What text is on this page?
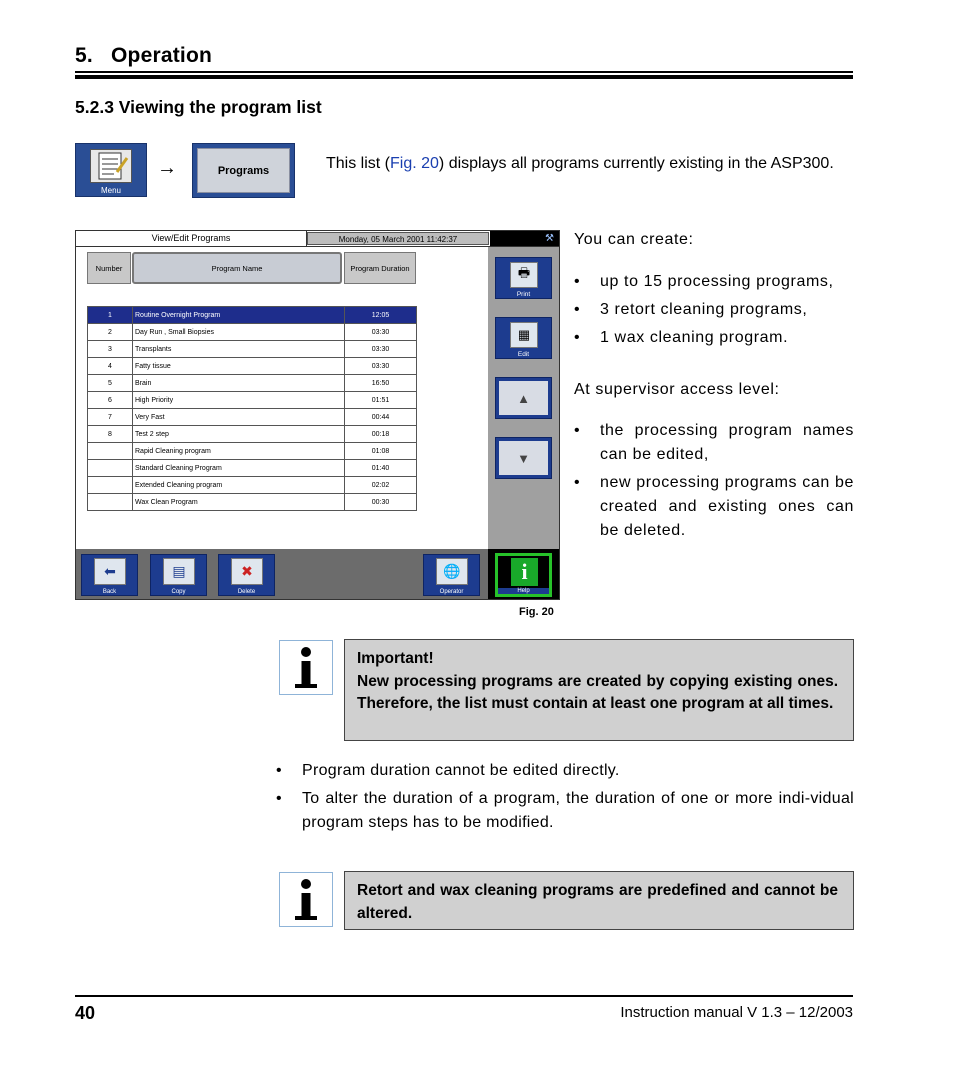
5.   Operation
5.2.3 Viewing the program list
Menu
→	Programs	This list (Fig. 20) displays all programs currently existing in the ASP300.
You can create:
• up to 15 processing programs,
• 3 retort cleaning programs,
• 1 wax cleaning program.
At supervisor access level:
• the processing program names can be edited,
• new processing programs can be created and existing ones can be deleted.
View/Edit Programs	Monday, 05 March 2001 11:42:37	⚒
Number	Program Name	Program Duration
1	Routine Overnight Program	12:05
2	Day Run , Small Biopsies	03:30
3	Transplants	03:30
4	Fatty tissue	03:30
5	Brain	16:50
6	High Priority	01:51
7	Very Fast	00:44
8	Test 2 step	00:18
	Rapid Cleaning program	01:08
	Standard Cleaning Program	01:40
	Extended Cleaning program	02:02
	Wax Clean Program	00:30
🖶
Print
▦
Edit
▲
▼
⬅
Back
▤
Copy
✖
Delete
🌐
Operator
i
Help
Fig. 20
Important!
New processing programs are created by copying existing ones. Therefore, the list must contain at least one program at all times.
• Program duration cannot be edited directly.
• To alter the duration of a program, the duration of one or more indi-vidual program steps has to be modified.
Retort and wax cleaning programs are predefined and cannot be altered.
40	Instruction manual V 1.3 – 12/2003
